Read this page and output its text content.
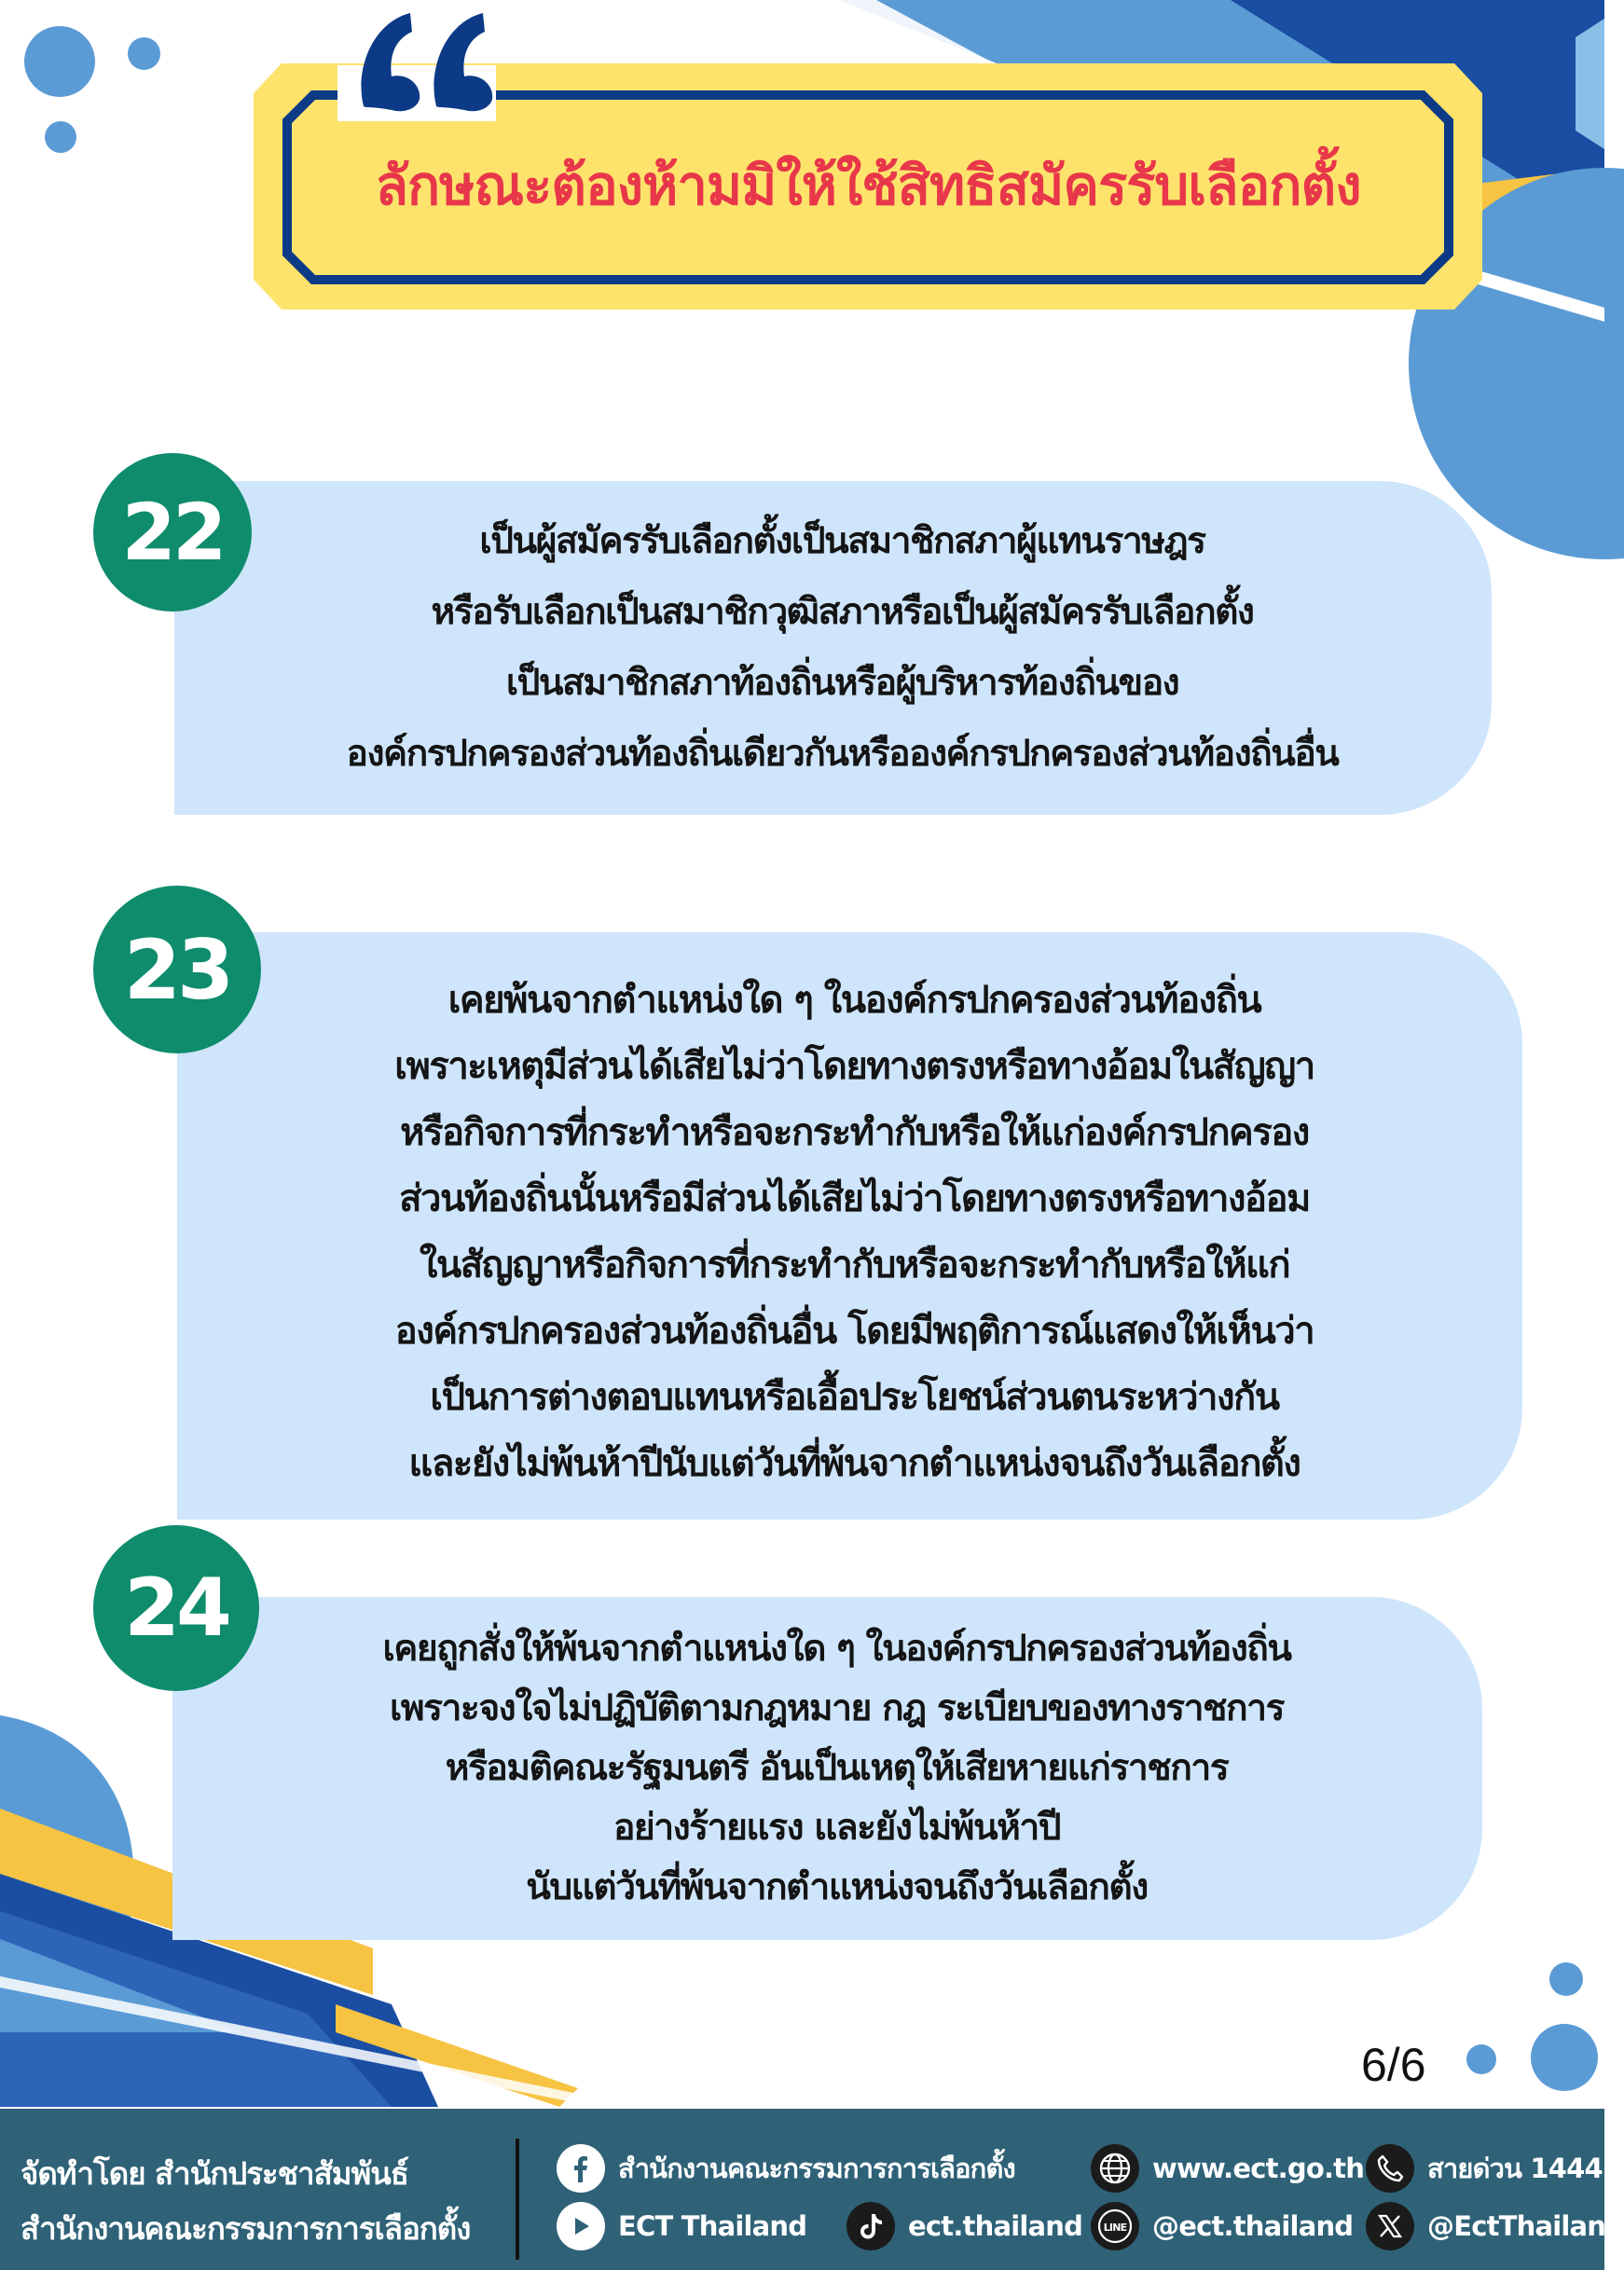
ลักษณะต้องห้ามมิให้ใช้สิทธิสมัครรับเลือกตั้ง
เป็นผู้สมัครรับเลือกตั้งเป็นสมาชิกสภาผู้แทนราษฎร
หรือรับเลือกเป็นสมาชิกวุฒิสภาหรือเป็นผู้สมัครรับเลือกตั้ง
เป็นสมาชิกสภาท้องถิ่นหรือผู้บริหารท้องถิ่นของ
องค์กรปกครองส่วนท้องถิ่นเดียวกันหรือองค์กรปกครองส่วนท้องถิ่นอื่น
22
เคยพ้นจากตำแหน่งใด ๆ ในองค์กรปกครองส่วนท้องถิ่น
เพราะเหตุมีส่วนได้เสียไม่ว่าโดยทางตรงหรือทางอ้อมในสัญญา
หรือกิจการที่กระทำหรือจะกระทำกับหรือให้แก่องค์กรปกครอง
ส่วนท้องถิ่นนั้นหรือมีส่วนได้เสียไม่ว่าโดยทางตรงหรือทางอ้อม
ในสัญญาหรือกิจการที่กระทำกับหรือจะกระทำกับหรือให้แก่
องค์กรปกครองส่วนท้องถิ่นอื่น โดยมีพฤติการณ์แสดงให้เห็นว่า
เป็นการต่างตอบแทนหรือเอื้อประโยชน์ส่วนตนระหว่างกัน
และยังไม่พ้นห้าปีนับแต่วันที่พ้นจากตำแหน่งจนถึงวันเลือกตั้ง
23
เคยถูกสั่งให้พ้นจากตำแหน่งใด ๆ ในองค์กรปกครองส่วนท้องถิ่น
เพราะจงใจไม่ปฏิบัติตามกฎหมาย กฎ ระเบียบของทางราชการ
หรือมติคณะรัฐมนตรี อันเป็นเหตุให้เสียหายแก่ราชการ
อย่างร้ายแรง และยังไม่พ้นห้าปี
นับแต่วันที่พ้นจากตำแหน่งจนถึงวันเลือกตั้ง
24
6/6
จัดทำโดย สำนักประชาสัมพันธ์
สำนักงานคณะกรรมการการเลือกตั้ง
สำนักงานคณะกรรมการการเลือกตั้ง	www.ect.go.th สายด่วน 1444
ECT Thailand	ect.thailand LINE @ect.thailand	@EctThailand
